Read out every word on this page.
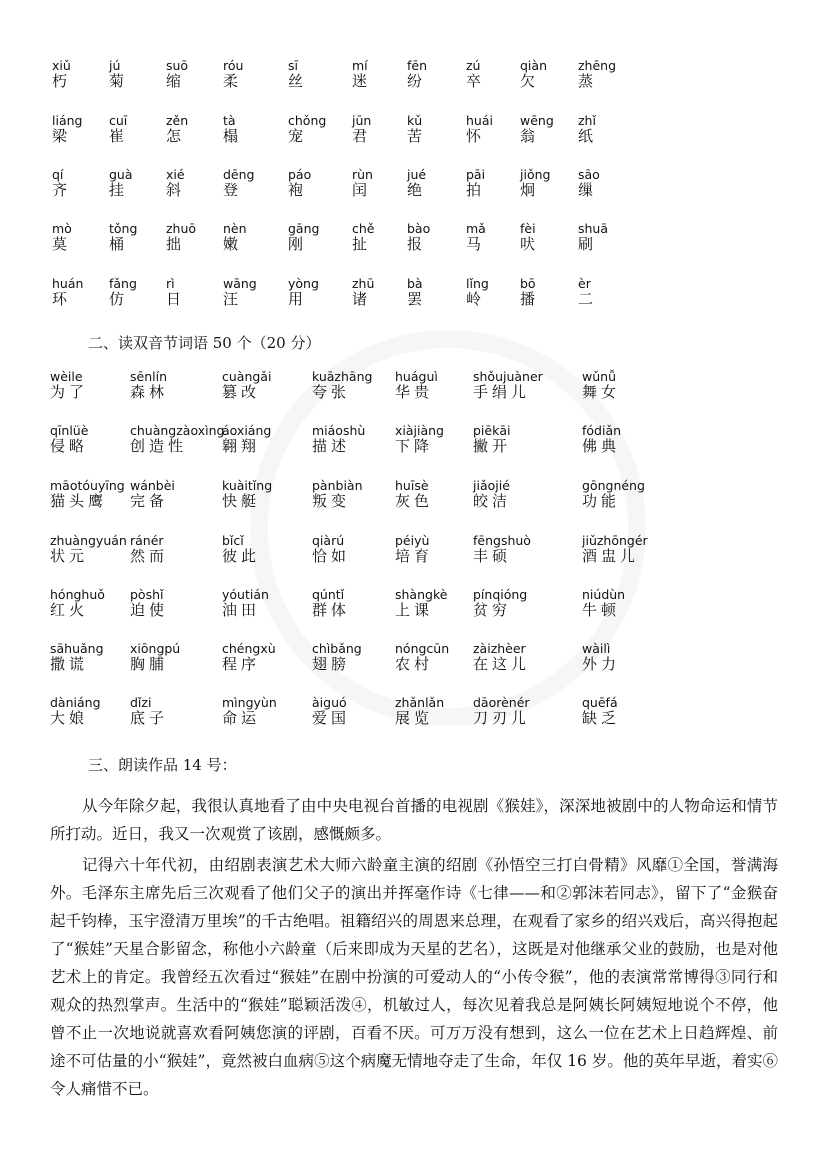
xiǔ
朽
jú
菊
suō
缩
róu
柔
sī
丝
mí
迷
fēn
纷
zú
卒
qiàn
欠
zhēng
蒸
liáng
梁
cuī
崔
zěn
怎
tà
榻
chǒng
宠
jūn
君
kǔ
苦
huái
怀
wēng
翁
zhǐ
纸
qí
齐
guà
挂
xié
斜
dēng
登
páo
袍
rùn
闰
jué
绝
pāi
拍
jiǒng
炯
sāo
缫
mò
莫
tǒng
桶
zhuō
拙
nèn
嫩
gāng
刚
chě
扯
bào
报
mǎ
马
fèi
吠
shuā
刷
huán
环
fǎng
仿
rì
日
wāng
汪
yòng
用
zhū
诸
bà
罢
lǐng
岭
bō
播
èr
二
二、读双音节词语 50 个（20 分）
wèile
为了
sēnlín
森林
cuàngǎi
篡改
kuāzhāng
夸张
huáguì
华贵
shǒujuàner
手绢儿
wǔnǚ
舞女
qīnlüè
侵略
chuàngzàoxìng
创造性
áoxiáng
翱翔
miáoshù
描述
xiàjiàng
下降
piēkāi
撇开
fódiǎn
佛典
māotóuyīng
猫头鹰
wánbèi
完备
kuàitǐng
快艇
pànbiàn
叛变
huīsè
灰色
jiǎojié
皎洁
gōngnéng
功能
zhuàngyuán
状元
ránér
然而
bǐcǐ
彼此
qiàrú
恰如
péiyù
培育
fēngshuò
丰硕
jiǔzhōngér
酒盅儿
hónghuǒ
红火
pòshǐ
迫使
yóutián
油田
qúntǐ
群体
shàngkè
上课
pínqióng
贫穷
niúdùn
牛顿
sāhuǎng
撒谎
xiōngpú
胸脯
chéngxù
程序
chìbǎng
翅膀
nóngcūn
农村
zàizhèer
在这儿
wàilì
外力
dàniáng
大娘
dǐzi
底子
mìngyùn
命运
àiguó
爱国
zhǎnlǎn
展览
dāorènér
刀刃儿
quēfá
缺乏
三、朗读作品 14 号：
从今年除夕起，我很认真地看了由中央电视台首播的电视剧《猴娃》，深深地被剧中的人物命运和情节所打动。近日，我又一次观赏了该剧，感慨颇多。
记得六十年代初，由绍剧表演艺术大师六龄童主演的绍剧《孙悟空三打白骨精》风靡①全国，誉满海外。毛泽东主席先后三次观看了他们父子的演出并挥毫作诗《七律——和②郭沫若同志》，留下了“金猴奋起千钧棒，玉宇澄清万里埃”的千古绝唱。祖籍绍兴的周恩来总理，在观看了家乡的绍兴戏后，高兴得抱起了“猴娃”天星合影留念，称他小六龄童（后来即成为天星的艺名），这既是对他继承父业的鼓励，也是对他艺术上的肯定。我曾经五次看过“猴娃”在剧中扮演的可爱动人的“小传令猴”，他的表演常常博得③同行和观众的热烈掌声。生活中的“猴娃”聪颖活泼④，机敏过人，每次见着我总是阿姨长阿姨短地说个不停，他曾不止一次地说就喜欢看阿姨您演的评剧，百看不厌。可万万没有想到，这么一位在艺术上日趋辉煌、前途不可估量的小“猴娃”，竟然被白血病⑤这个病魔无情地夺走了生命，年仅 16 岁。他的英年早逝，着实⑥令人痛惜不已。
